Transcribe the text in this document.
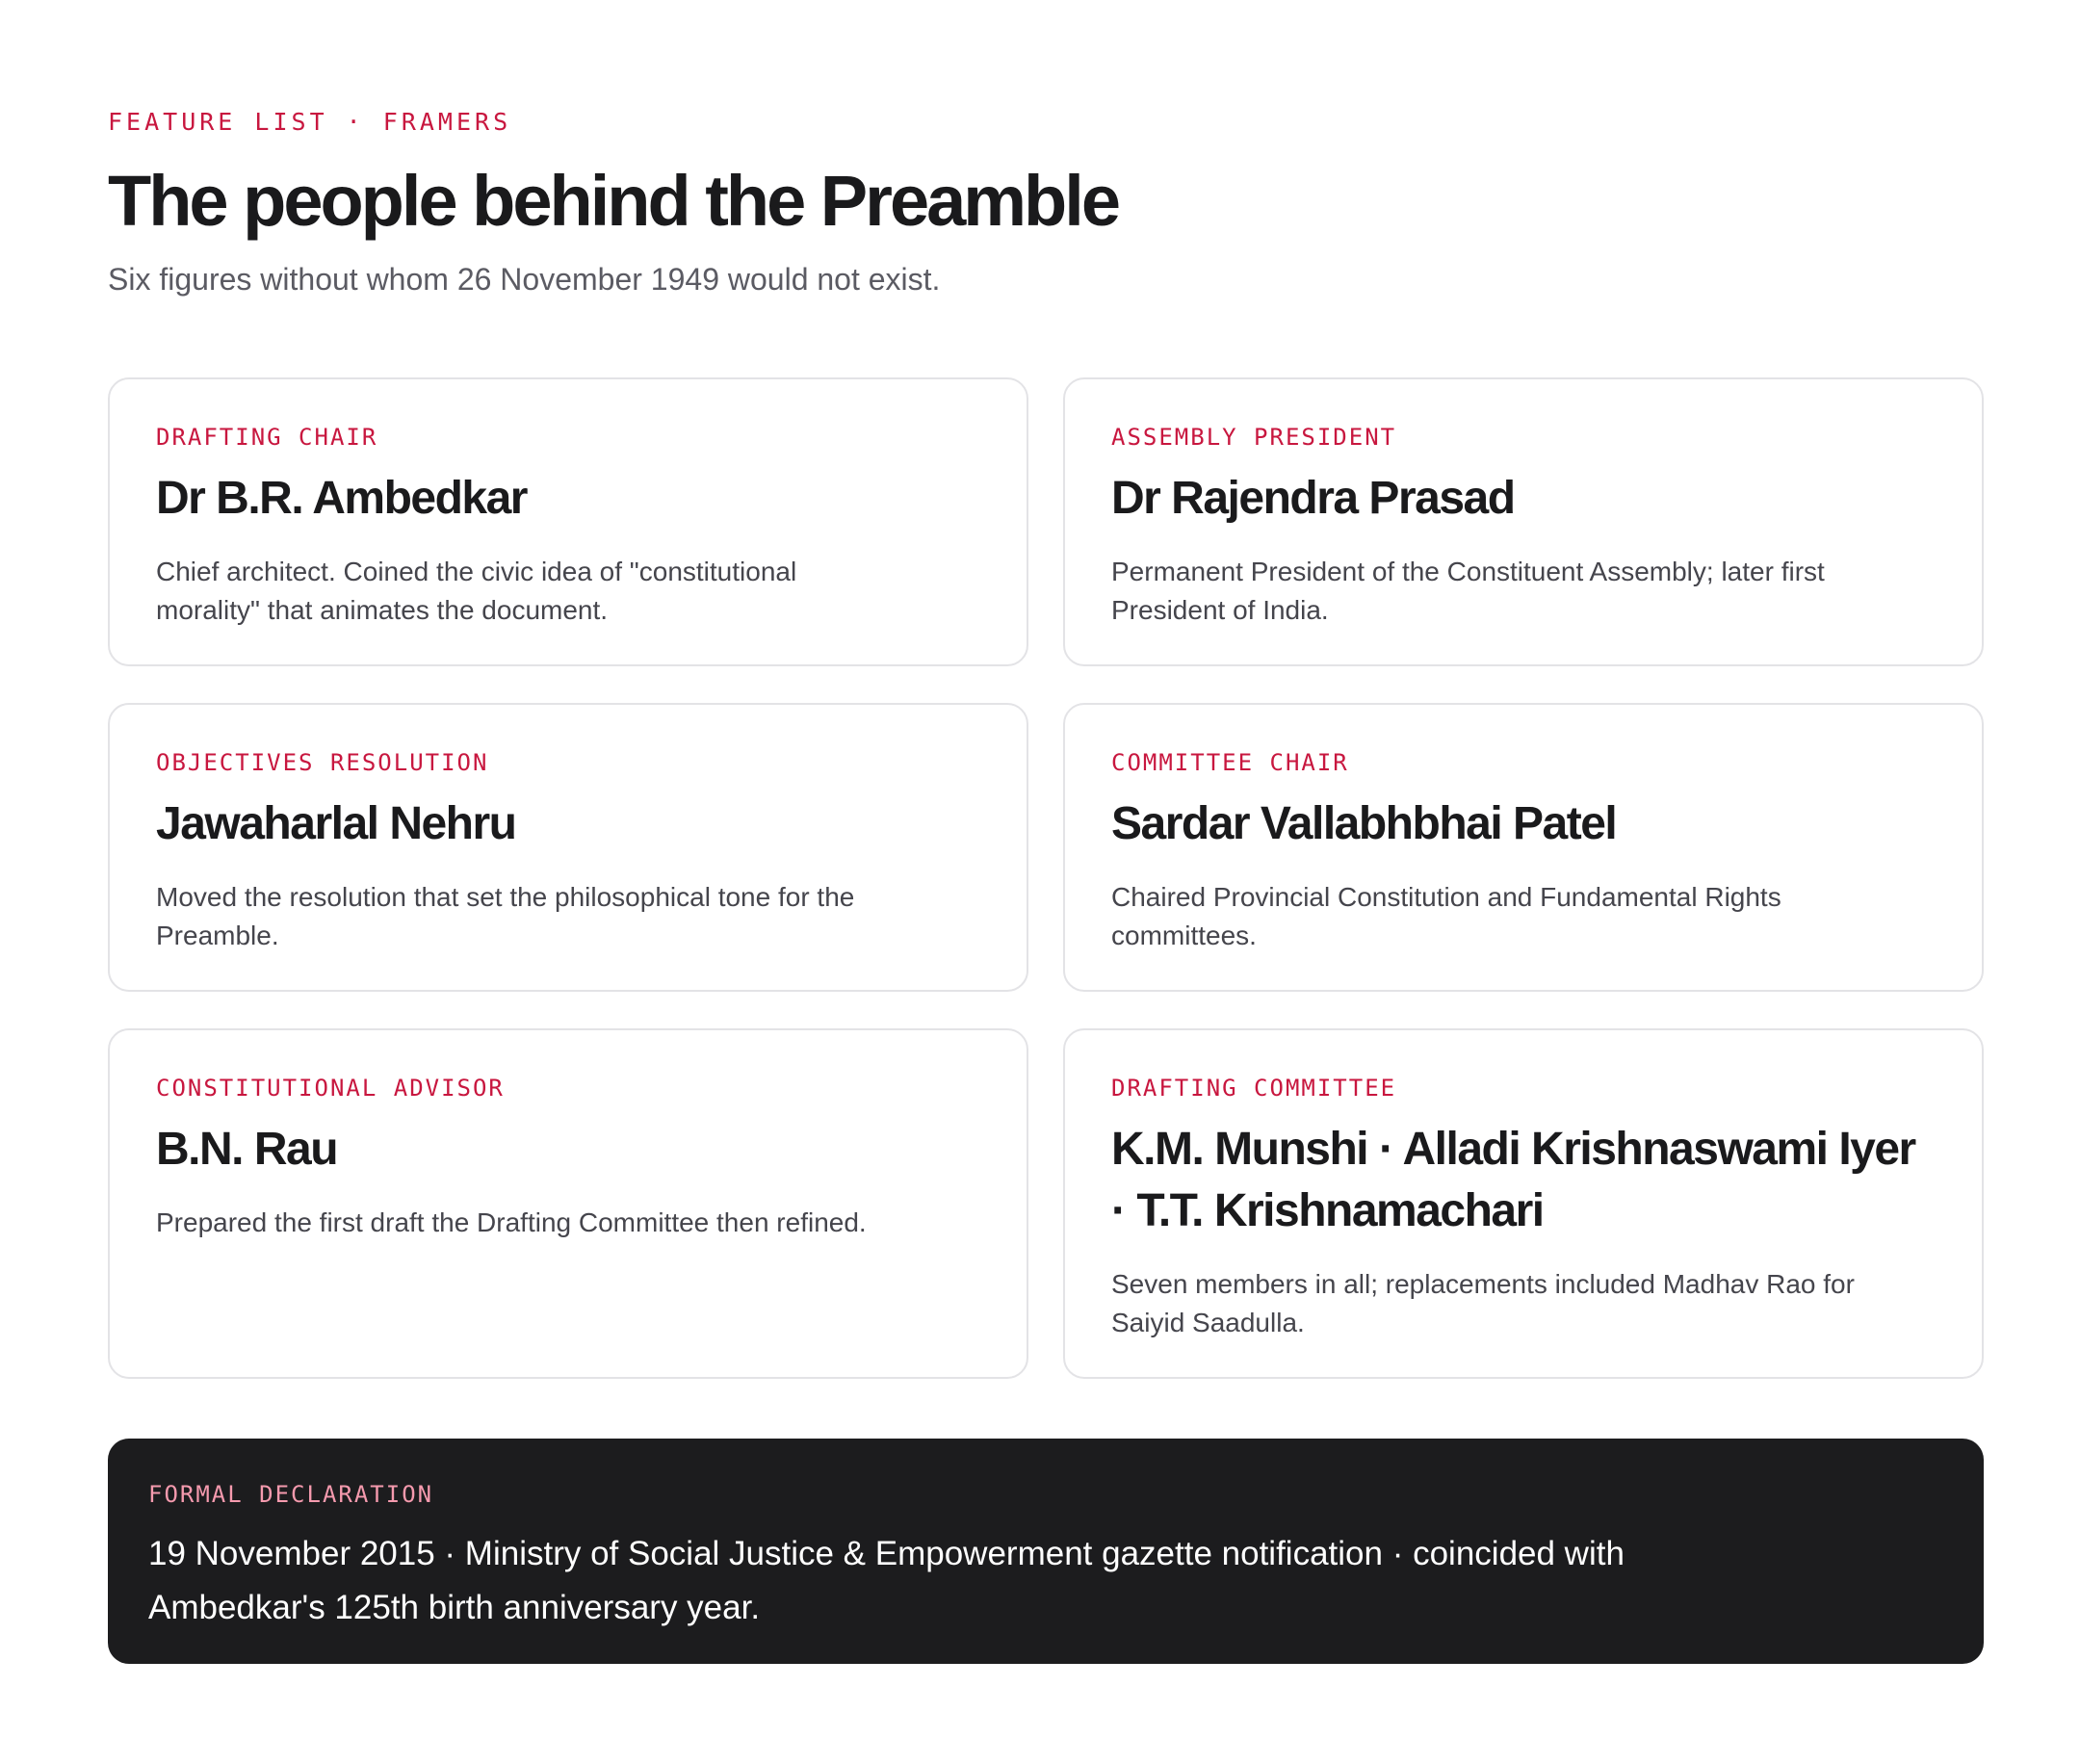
FEATURE LIST · FRAMERS
The people behind the Preamble
Six figures without whom 26 November 1949 would not exist.
DRAFTING CHAIR
Dr B.R. Ambedkar
Chief architect. Coined the civic idea of "constitutional morality" that animates the document.
ASSEMBLY PRESIDENT
Dr Rajendra Prasad
Permanent President of the Constituent Assembly; later first President of India.
OBJECTIVES RESOLUTION
Jawaharlal Nehru
Moved the resolution that set the philosophical tone for the Preamble.
COMMITTEE CHAIR
Sardar Vallabhbhai Patel
Chaired Provincial Constitution and Fundamental Rights committees.
CONSTITUTIONAL ADVISOR
B.N. Rau
Prepared the first draft the Drafting Committee then refined.
DRAFTING COMMITTEE
K.M. Munshi · Alladi Krishnaswami Iyer · T.T. Krishnamachari
Seven members in all; replacements included Madhav Rao for Saiyid Saadulla.
FORMAL DECLARATION
19 November 2015 · Ministry of Social Justice & Empowerment gazette notification · coincided with Ambedkar's 125th birth anniversary year.
